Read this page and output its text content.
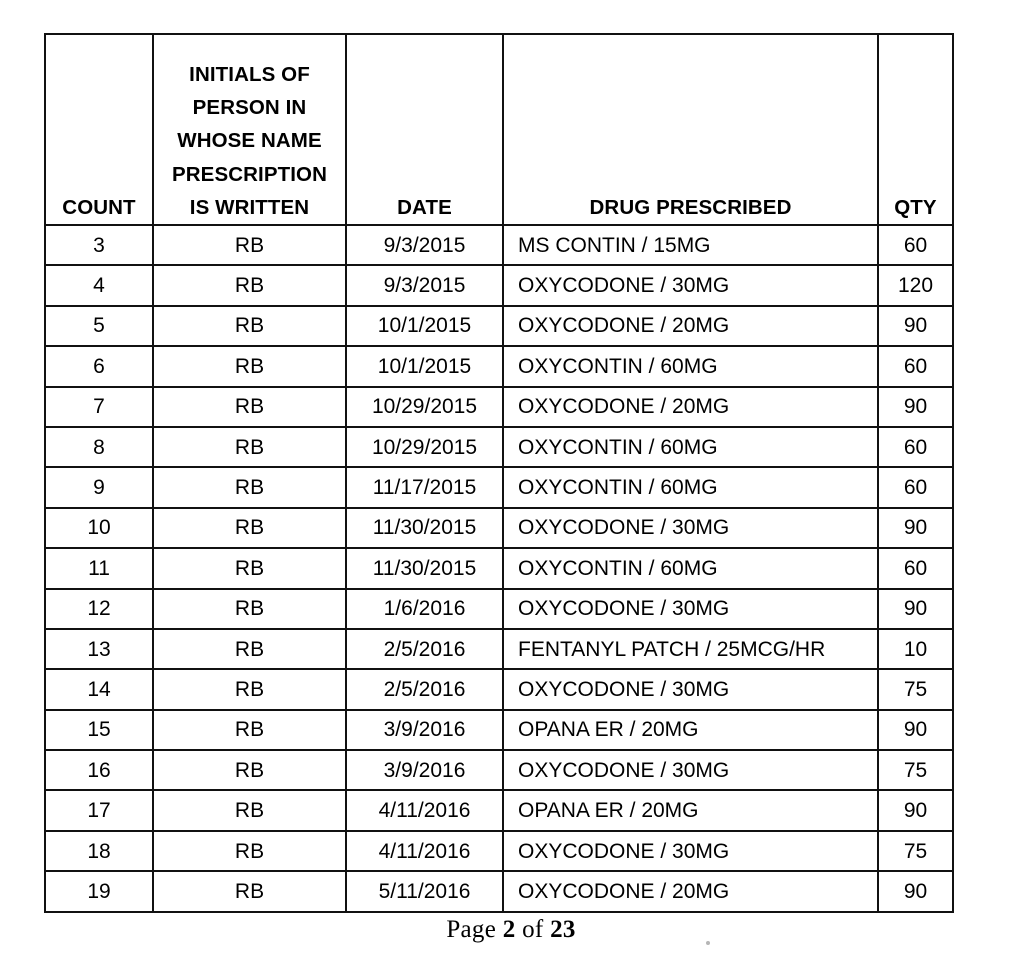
COUNT	INITIALS OF
PERSON IN
WHOSE NAME
PRESCRIPTION
IS WRITTEN	DATE	DRUG PRESCRIBED	QTY

3	RB	9/3/2015	MS CONTIN / 15MG	60
4	RB	9/3/2015	OXYCODONE / 30MG	120
5	RB	10/1/2015	OXYCODONE / 20MG	90
6	RB	10/1/2015	OXYCONTIN / 60MG	60
7	RB	10/29/2015	OXYCODONE / 20MG	90
8	RB	10/29/2015	OXYCONTIN / 60MG	60
9	RB	11/17/2015	OXYCONTIN / 60MG	60
10	RB	11/30/2015	OXYCODONE / 30MG	90
11	RB	11/30/2015	OXYCONTIN / 60MG	60
12	RB	1/6/2016	OXYCODONE / 30MG	90
13	RB	2/5/2016	FENTANYL PATCH / 25MCG/HR	10
14	RB	2/5/2016	OXYCODONE / 30MG	75
15	RB	3/9/2016	OPANA ER / 20MG	90
16	RB	3/9/2016	OXYCODONE / 30MG	75
17	RB	4/11/2016	OPANA ER / 20MG	90
18	RB	4/11/2016	OXYCODONE / 30MG	75
19	RB	5/11/2016	OXYCODONE / 20MG	90
Page 2 of 23
